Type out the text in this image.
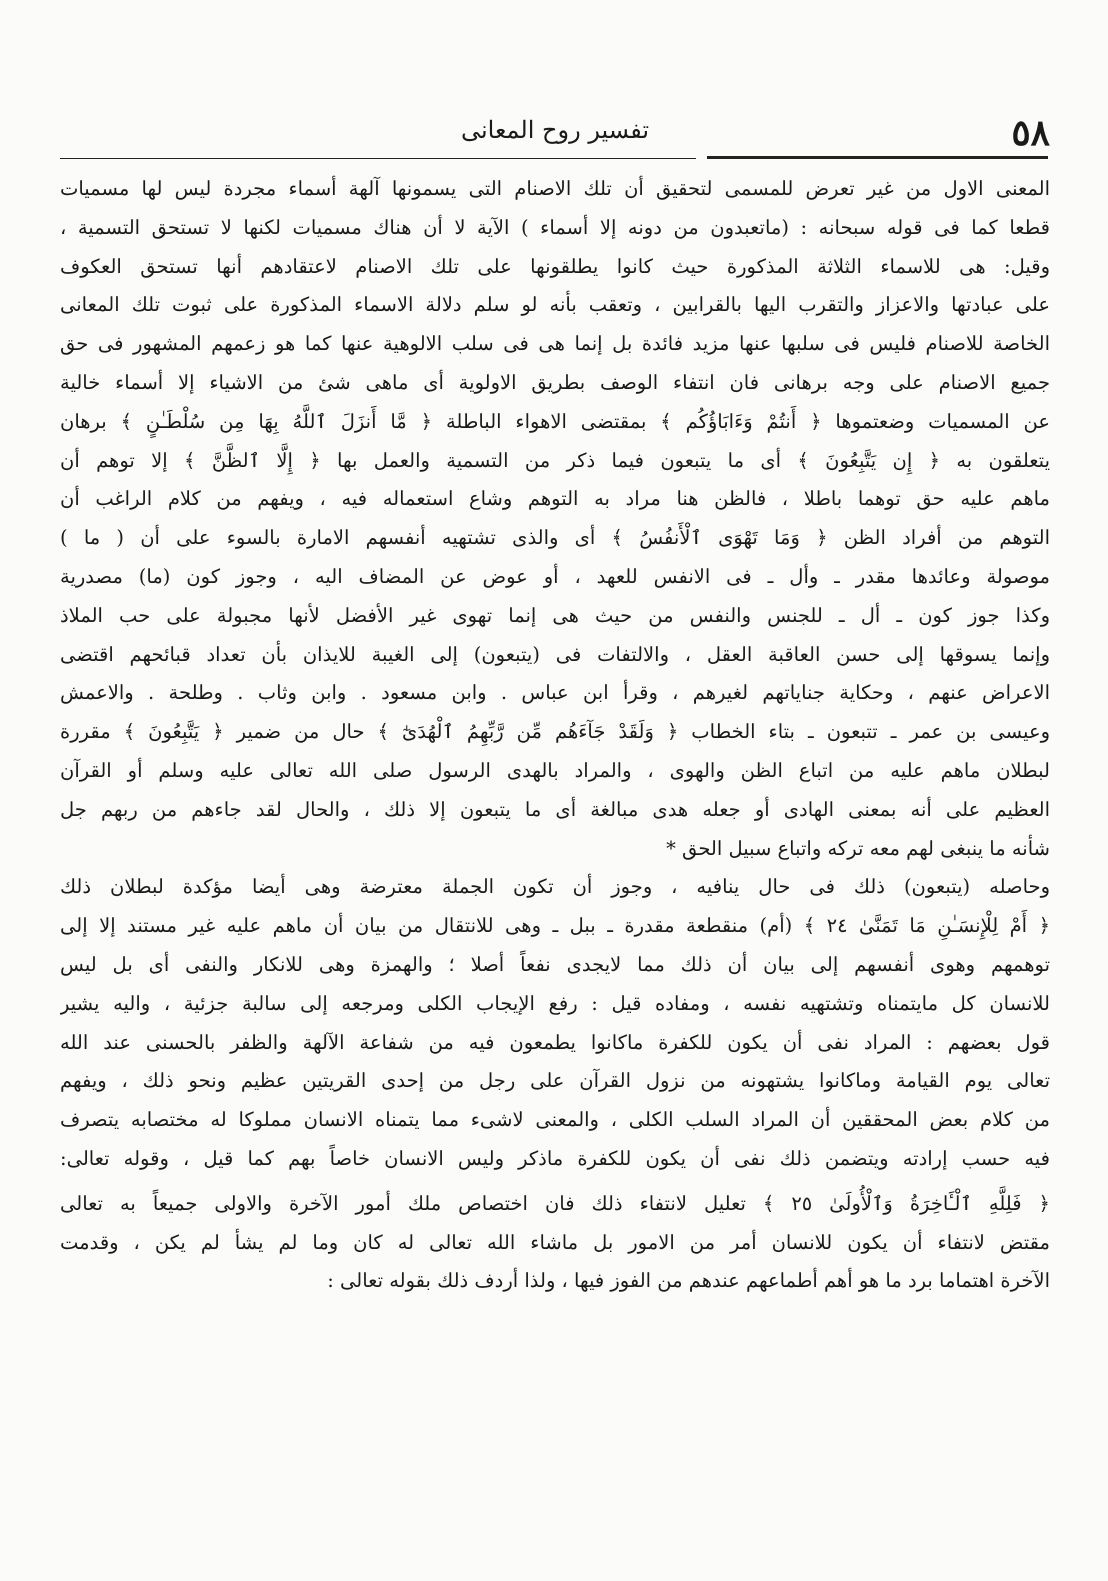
٥٨
تفسير روح المعانى
المعنى الاول من غير تعرض للمسمى لتحقيق أن تلك الاصنام التى يسمونها آلهة أسماء مجردة ليس لها مسميات
قطعا كما فى قوله سبحانه : (ماتعبدون من دونه إلا أسماء ) الآية لا أن هناك مسميات لكنها لا تستحق التسمية ،
وقيل: هى للاسماء الثلاثة المذكورة حيث كانوا يطلقونها على تلك الاصنام لاعتقادهم أنها تستحق العكوف
على عبادتها والاعزاز والتقرب اليها بالقرابين ، وتعقب بأنه لو سلم دلالة الاسماء المذكورة على ثبوت تلك المعانى
الخاصة للاصنام فليس فى سلبها عنها مزيد فائدة بل إنما هى فى سلب الالوهية عنها كما هو زعمهم المشهور فى حق
جميع الاصنام على وجه برهانى فان انتفاء الوصف بطريق الاولوية أى ماهى شئ من الاشياء إلا أسماء خالية
عن المسميات وضعتموها ﴿ أَنتُمْ وَءَابَاؤُكُم ﴾ بمقتضى الاهواء الباطلة ﴿ مَّا أَنزَلَ ٱللَّهُ بِهَا مِن سُلْطَـٰنٍ ﴾ برهان
يتعلقون به ﴿ إِن يَتَّبِعُونَ ﴾ أى ما يتبعون فيما ذكر من التسمية والعمل بها ﴿ إِلَّا ٱلظَّنَّ ﴾ إلا توهم أن
ماهم عليه حق توهما باطلا ، فالظن هنا مراد به التوهم وشاع استعماله فيه ، ويفهم من كلام الراغب أن
التوهم من أفراد الظن ﴿ وَمَا تَهْوَى ٱلْأَنفُسُ ﴾ أى والذى تشتهيه أنفسهم الامارة بالسوء على أن ( ما )
موصولة وعائدها مقدر ـ وأل ـ فى الانفس للعهد ، أو عوض عن المضاف اليه ، وجوز كون (ما) مصدرية
وكذا جوز كون ـ أل ـ للجنس والنفس من حيث هى إنما تهوى غير الأفضل لأنها مجبولة على حب الملاذ
وإنما يسوقها إلى حسن العاقبة العقل ، والالتفات فى (يتبعون) إلى الغيبة للايذان بأن تعداد قبائحهم اقتضى
الاعراض عنهم ، وحكاية جناياتهم لغيرهم ، وقرأ ابن عباس . وابن مسعود . وابن وثاب . وطلحة . والاعمش
وعيسى بن عمر ـ تتبعون ـ بتاء الخطاب ﴿ وَلَقَدْ جَآءَهُم مِّن رَّبِّهِمُ ٱلْهُدَىٰٓ ﴾ حال من ضمير ﴿ يَتَّبِعُونَ ﴾ مقررة
لبطلان ماهم عليه من اتباع الظن والهوى ، والمراد بالهدى الرسول صلى الله تعالى عليه وسلم أو القرآن
العظيم على أنه بمعنى الهادى أو جعله هدى مبالغة أى ما يتبعون إلا ذلك ، والحال لقد جاءهم من ربهم جل
شأنه ما ينبغى لهم معه تركه واتباع سبيل الحق *
وحاصله (يتبعون) ذلك فى حال ينافيه ، وجوز أن تكون الجملة معترضة وهى أيضا مؤكدة لبطلان ذلك
﴿ أَمْ لِلْإِنسَـٰنِ مَا تَمَنَّىٰ ٢٤ ﴾ (أم) منقطعة مقدرة ـ ببل ـ وهى للانتقال من بيان أن ماهم عليه غير مستند إلا إلى
توهمهم وهوى أنفسهم إلى بيان أن ذلك مما لايجدى نفعاً أصلا ؛ والهمزة وهى للانكار والنفى أى بل ليس
للانسان كل مايتمناه وتشتهيه نفسه ، ومفاده قيل : رفع الإيجاب الكلى ومرجعه إلى سالبة جزئية ، واليه يشير
قول بعضهم : المراد نفى أن يكون للكفرة ماكانوا يطمعون فيه من شفاعة الآلهة والظفر بالحسنى عند الله
تعالى يوم القيامة وماكانوا يشتهونه من نزول القرآن على رجل من إحدى القريتين عظيم ونحو ذلك ، ويفهم
من كلام بعض المحققين أن المراد السلب الكلى ، والمعنى لاشىء مما يتمناه الانسان مملوكا له مختصابه يتصرف
فيه حسب إرادته ويتضمن ذلك نفى أن يكون للكفرة ماذكر وليس الانسان خاصاً بهم كما قيل ، وقوله تعالى:
﴿ فَلِلَّهِ ٱلْـَٔاخِرَةُ وَٱلْأُولَىٰ ٢٥ ﴾ تعليل لانتفاء ذلك فان اختصاص ملك أمور الآخرة والاولى جميعاً به تعالى
مقتض لانتفاء أن يكون للانسان أمر من الامور بل ماشاء الله تعالى له كان وما لم يشأ لم يكن ، وقدمت
الآخرة اهتماما برد ما هو أهم أطماعهم عندهم من الفوز فيها ، ولذا أردف ذلك بقوله تعالى :
